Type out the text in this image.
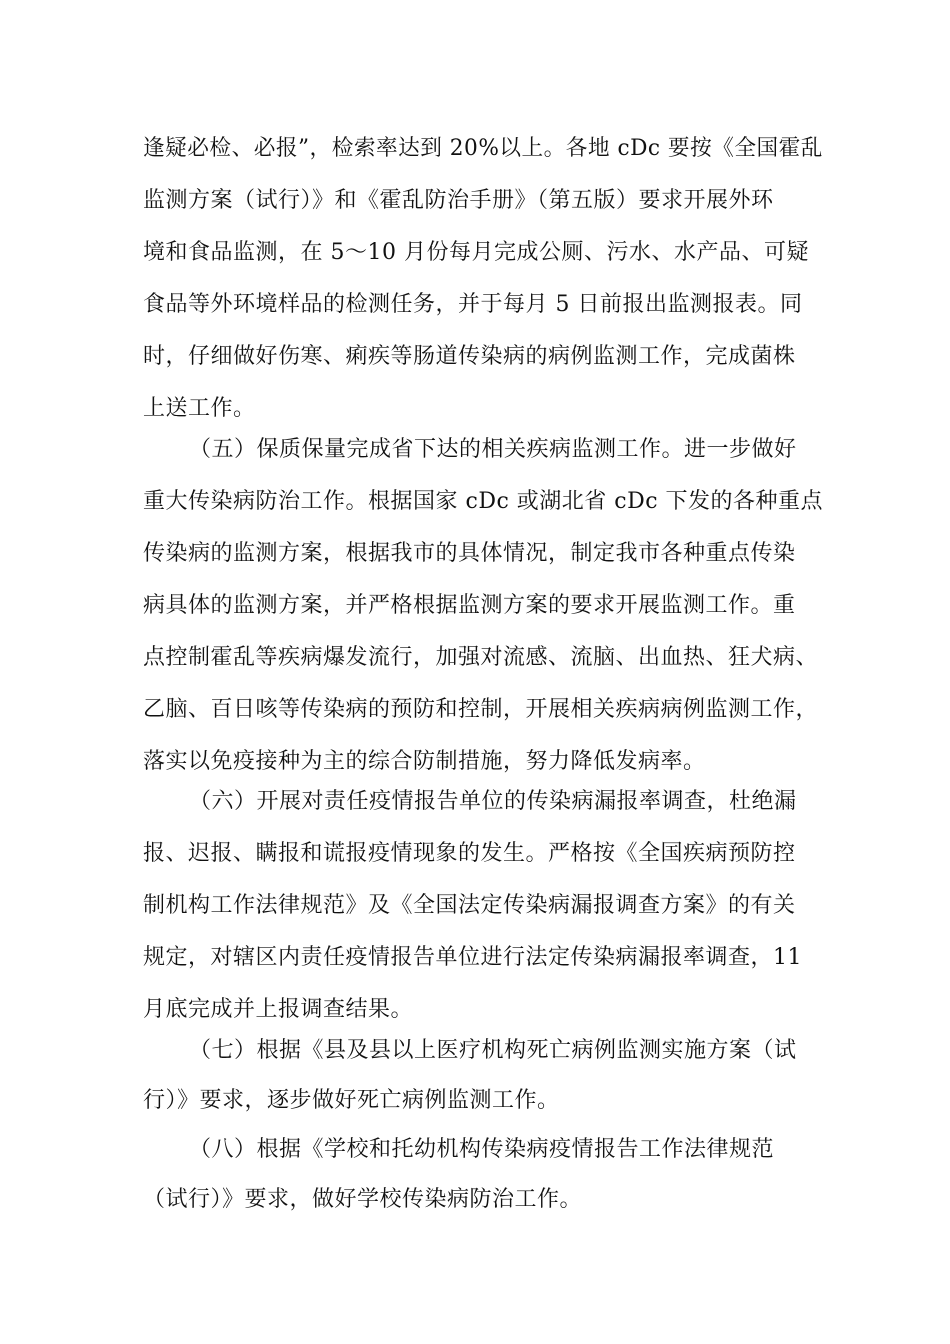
逢疑必检、必报”，检索率达到 20%以上。各地 cDc 要按《全国霍乱
监测方案（试行）》和《霍乱防治手册》（第五版）要求开展外环
境和食品监测，在 5～10 月份每月完成公厕、污水、水产品、可疑
食品等外环境样品的检测任务，并于每月 5 日前报出监测报表。同
时，仔细做好伤寒、痢疾等肠道传染病的病例监测工作，完成菌株
上送工作。
（五）保质保量完成省下达的相关疾病监测工作。进一步做好
重大传染病防治工作。根据国家 cDc 或湖北省 cDc 下发的各种重点
传染病的监测方案，根据我市的具体情况，制定我市各种重点传染
病具体的监测方案，并严格根据监测方案的要求开展监测工作。重
点控制霍乱等疾病爆发流行，加强对流感、流脑、出血热、狂犬病、
乙脑、百日咳等传染病的预防和控制，开展相关疾病病例监测工作，
落实以免疫接种为主的综合防制措施，努力降低发病率。
（六）开展对责任疫情报告单位的传染病漏报率调查，杜绝漏
报、迟报、瞒报和谎报疫情现象的发生。严格按《全国疾病预防控
制机构工作法律规范》及《全国法定传染病漏报调查方案》的有关
规定，对辖区内责任疫情报告单位进行法定传染病漏报率调查，11
月底完成并上报调查结果。
（七）根据《县及县以上医疗机构死亡病例监测实施方案（试
行）》要求，逐步做好死亡病例监测工作。
（八）根据《学校和托幼机构传染病疫情报告工作法律规范
（试行）》要求，做好学校传染病防治工作。
